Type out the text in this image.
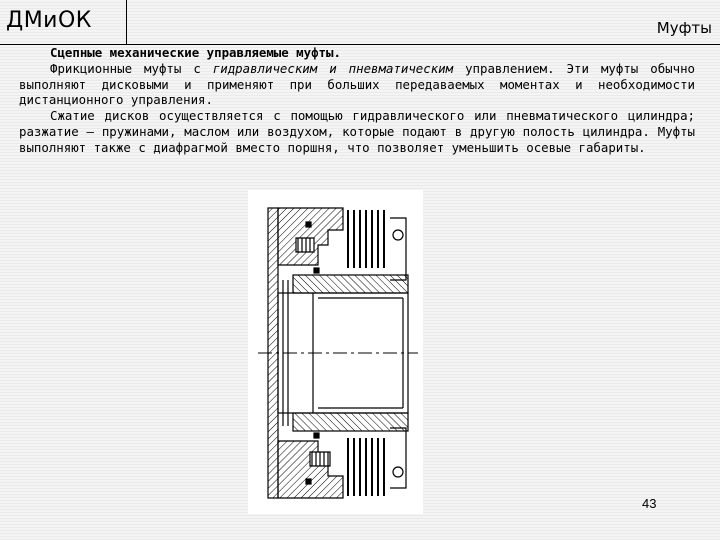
ДМиОК	Муфты

Сцепные механические управляемые муфты.

Фрикционные муфты с гидравлическим и пневматическим управлением. Эти муфты обычно выполняют дисковыми и применяют при больших передаваемых моментах и необходимости дистанционного управления.

Сжатие дисков осуществляется с помощью гидравлического или пневматического цилиндра; разжатие — пружинами, маслом или воздухом, которые подают в другую полость цилиндра. Муфты выполняют также с диафрагмой вместо поршня, что позволяет уменьшить осевые габариты.

43
